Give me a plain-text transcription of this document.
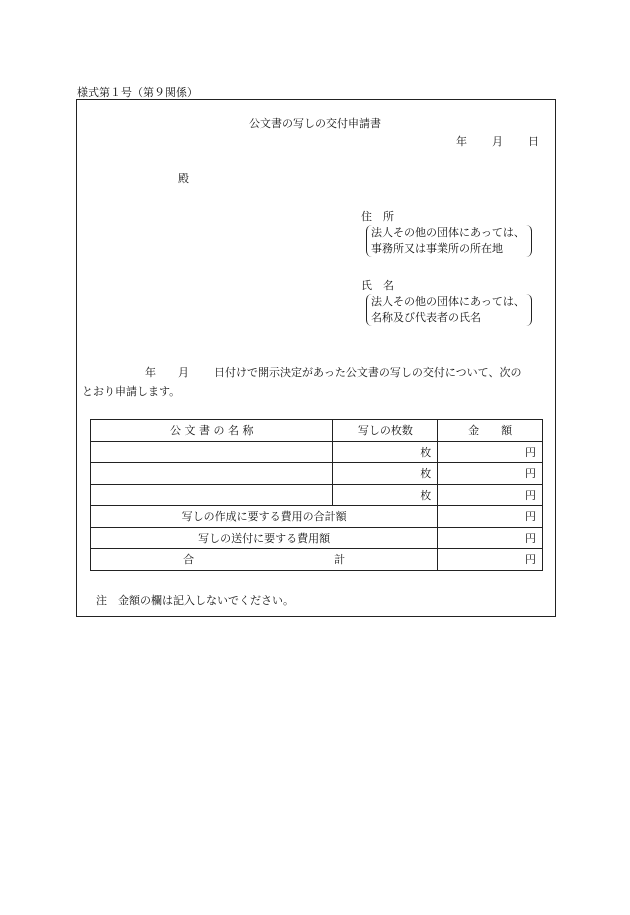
様式第１号（第９関係）
公文書の写しの交付申請書
年 月 日
殿
住　所
法人その他の団体にあっては、
事務所又は事業所の所在地
氏　名
法人その他の団体にあっては、
名称及び代表者の氏名
年 月 日付けで開示決定があった公文書の写しの交付について、次の
とおり申請します。
公 文 書 の 名 称	写しの枚数	金　　額
	枚	円
	枚	円
	枚	円
写しの作成に要する費用の合計額		円
写しの送付に要する費用額		円
合 計		円
注　金額の欄は記入しないでください。
